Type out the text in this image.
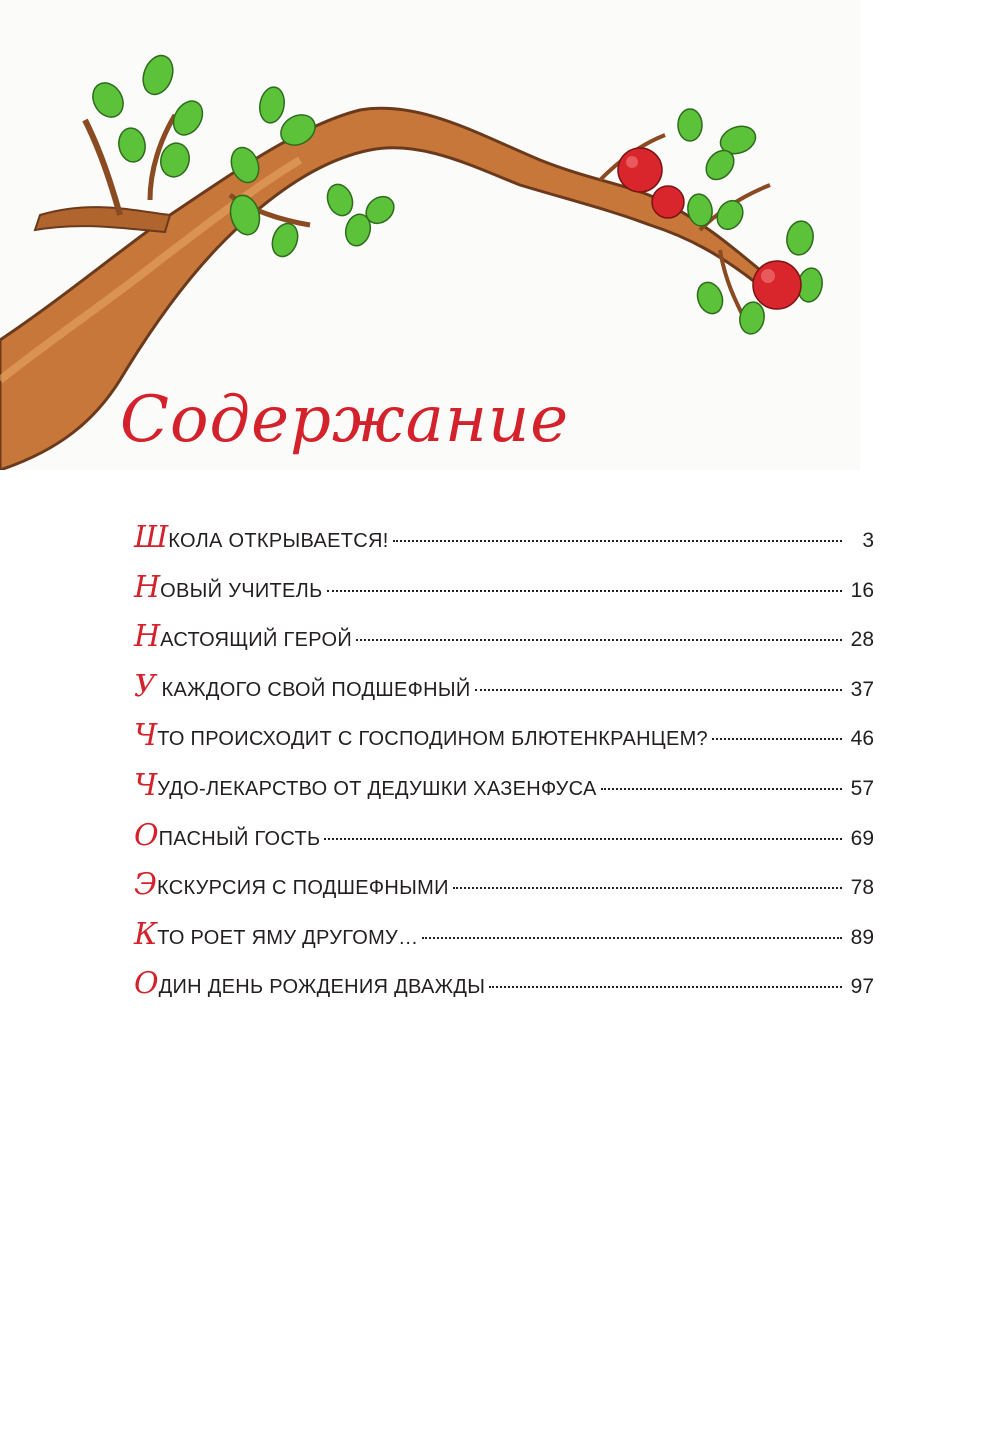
Содержание
ШКОЛА ОТКРЫВАЕТСЯ!	3
НОВЫЙ УЧИТЕЛЬ	16
НАСТОЯЩИЙ ГЕРОЙ	28
У КАЖДОГО СВОЙ ПОДШЕФНЫЙ	37
ЧТО ПРОИСХОДИТ С ГОСПОДИНОМ БЛЮТЕНКРАНЦЕМ?	46
ЧУДО-ЛЕКАРСТВО ОТ ДЕДУШКИ ХАЗЕНФУСА	57
ОПАСНЫЙ ГОСТЬ	69
ЭКСКУРСИЯ С ПОДШЕФНЫМИ	78
КТО РОЕТ ЯМУ ДРУГОМУ…	89
ОДИН ДЕНЬ РОЖДЕНИЯ ДВАЖДЫ	97
